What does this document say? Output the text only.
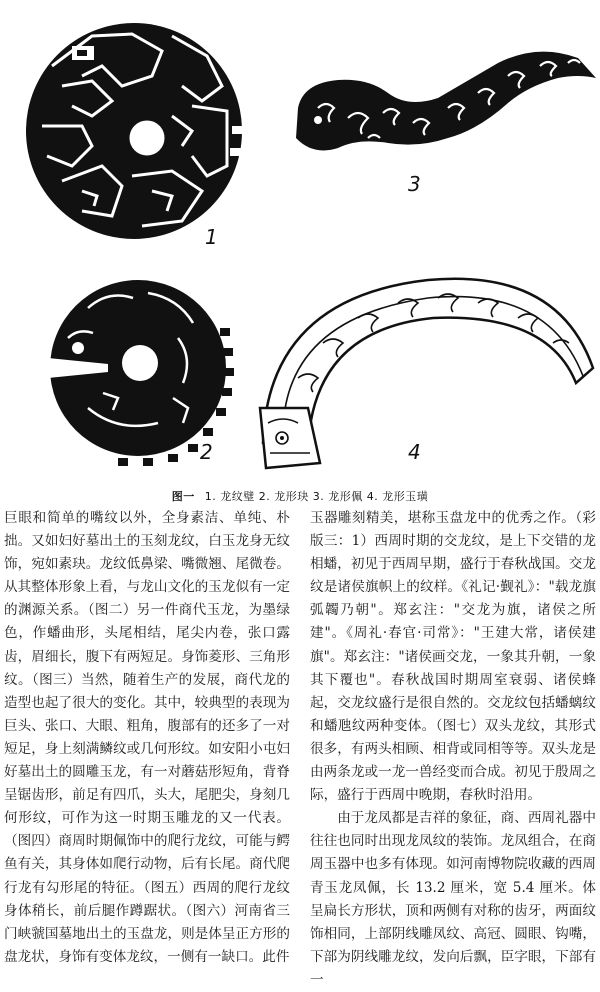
1
3
2	4
图一 1. 龙纹璧 2. 龙形玦 3. 龙形佩 4. 龙形玉璜

巨眼和简单的嘴纹以外，全身素洁、单纯、朴拙。又如妇好墓出土的玉刻龙纹，白玉龙身无纹饰，宛如素玦。龙纹低鼻梁、嘴微翘、尾微卷。从其整体形象上看，与龙山文化的玉龙似有一定的渊源关系。（图二）另一件商代玉龙，为墨绿色，作蟠曲形，头尾相结，尾尖内卷，张口露齿，眉细长，腹下有两短足。身饰菱形、三角形纹。（图三）当然，随着生产的发展，商代龙的造型也起了很大的变化。其中，较典型的表现为巨头、张口、大眼、粗角，腹部有的还多了一对短足，身上刻满鳞纹或几何形纹。如安阳小屯妇好墓出土的圆雕玉龙，有一对蘑菇形短角，背脊呈锯齿形，前足有四爪，头大，尾肥尖，身刻几何形纹，可作为这一时期玉雕龙的又一代表。（图四）商周时期佩饰中的爬行龙纹，可能与鳄鱼有关，其身体如爬行动物，后有长尾。商代爬行龙有勾形尾的特征。（图五）西周的爬行龙纹身体稍长，前后腿作蹲踞状。（图六）河南省三门峡虢国墓地出土的玉盘龙，则是体呈正方形的盘龙状，身饰有变体龙纹，一侧有一缺口。此件

玉器雕刻精美，堪称玉盘龙中的优秀之作。（彩版三：1）西周时期的交龙纹，是上下交错的龙相蟠，初见于西周早期，盛行于春秋战国。交龙纹是诸侯旗帜上的纹样。《礼记·觐礼》："载龙旗弧韣乃朝"。郑玄注："交龙为旗，诸侯之所建"。《周礼·春官·司常》："王建大常，诸侯建旗"。郑玄注："诸侯画交龙，一象其升朝，一象其下覆也"。春秋战国时期周室衰弱、诸侯蜂起，交龙纹盛行是很自然的。交龙纹包括蟠螭纹和蟠虺纹两种变体。（图七）双头龙纹，其形式很多，有两头相顾、相背或同相等等。双头龙是由两条龙或一龙一兽经变而合成。初见于殷周之际，盛行于西周中晚期，春秋时沿用。

由于龙凤都是吉祥的象征，商、西周礼器中往往也同时出现龙凤纹的装饰。龙凤组合，在商周玉器中也多有体现。如河南博物院收藏的西周青玉龙凤佩，长 13.2 厘米，宽 5.4 厘米。体呈扁长方形状，顶和两侧有对称的齿牙，两面纹饰相同，上部阴线雕凤纹、高冠、圆眼、钩嘴，下部为阴线雕龙纹，发向后飘，臣字眼，下部有一
